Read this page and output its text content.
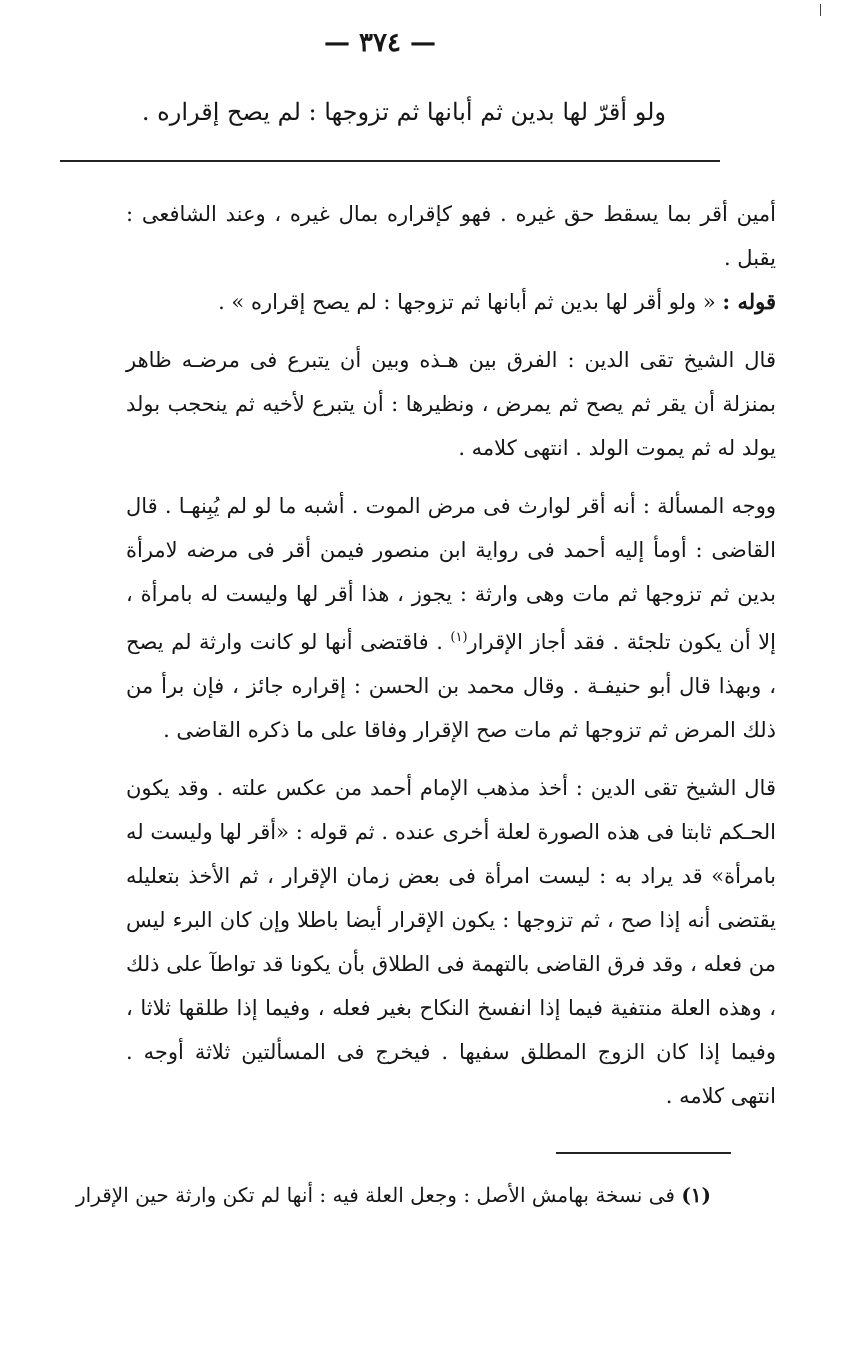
— ٣٧٤ —
ولو أقرّ لها بدين ثم أبانها ثم تزوجها : لم يصح إقراره .

أمين أقر بما يسقط حق غيره . فهو كإقراره بمال غيره ، وعند الشافعى : يقبل .

قوله : « ولو أقر لها بدين ثم أبانها ثم تزوجها : لم يصح إقراره » .

قال الشيخ تقى الدين : الفرق بين هـذه وبين أن يتبرع فى مرضـه ظاهر بمنزلة أن يقر ثم يصح ثم يمرض ، ونظيرها : أن يتبرع لأخيه ثم ينحجب بولد يولد له ثم يموت الولد . انتهى كلامه .

ووجه المسألة : أنه أقر لوارث فى مرض الموت . أشبه ما لو لم يُبِنهـا . قال القاضى : أومأ إليه أحمد فى رواية ابن منصور فيمن أقر فى مرضه لامرأة بدين ثم تزوجها ثم مات وهى وارثة : يجوز ، هذا أقر لها وليست له بامرأة ، إلا أن يكون تلجئة . فقد أجاز الإقرار$^{(١)}$ . فاقتضى أنها لو كانت وارثة لم يصح ، وبهذا قال أبو حنيفـة . وقال محمد بن الحسن : إقراره جائز ، فإن برأ من ذلك المرض ثم تزوجها ثم مات صح الإقرار وفاقا على ما ذكره القاضى .

قال الشيخ تقى الدين : أخذ مذهب الإمام أحمد من عكس علته . وقد يكون الحـكم ثابتا فى هذه الصورة لعلة أخرى عنده . ثم قوله : «أقر لها وليست له بامرأة» قد يراد به : ليست امرأة فى بعض زمان الإقرار ، ثم الأخذ بتعليله يقتضى أنه إذا صح ، ثم تزوجها : يكون الإقرار أيضا باطلا وإن كان البرء ليس من فعله ، وقد فرق القاضى بالتهمة فى الطلاق بأن يكونا قد تواطآ على ذلك ، وهذه العلة منتفية فيما إذا انفسخ النكاح بغير فعله ، وفيما إذا طلقها ثلاثا ، وفيما إذا كان الزوج المطلق سفيها . فيخرج فى المسألتين ثلاثة أوجه . انتهى كلامه .

(١) فى نسخة بهامش الأصل : وجعل العلة فيه : أنها لم تكن وارثة حين الإقرار
